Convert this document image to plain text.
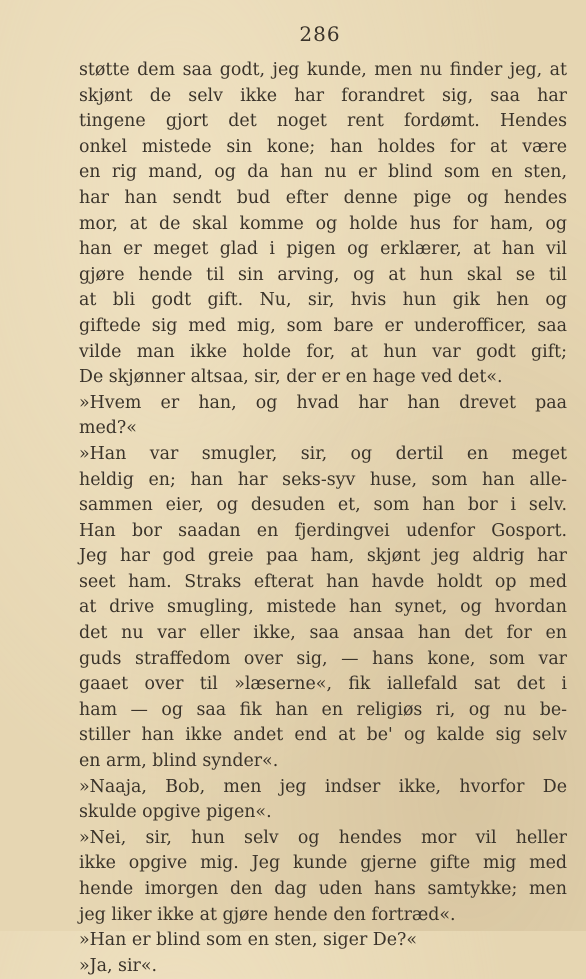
286
støtte dem saa godt, jeg kunde, men nu finder jeg, at
skjønt de selv ikke har forandret sig, saa har
tingene gjort det noget rent fordømt. Hendes
onkel mistede sin kone; han holdes for at være
en rig mand, og da han nu er blind som en sten,
har han sendt bud efter denne pige og hendes
mor, at de skal komme og holde hus for ham, og
han er meget glad i pigen og erklærer, at han vil
gjøre hende til sin arving, og at hun skal se til
at bli godt gift. Nu, sir, hvis hun gik hen og
giftede sig med mig, som bare er underofficer, saa
vilde man ikke holde for, at hun var godt gift;
De skjønner altsaa, sir, der er en hage ved det«.
»Hvem er han, og hvad har han drevet paa
med?«
»Han var smugler, sir, og dertil en meget
heldig en; han har seks-syv huse, som han alle-
sammen eier, og desuden et, som han bor i selv.
Han bor saadan en fjerdingvei udenfor Gosport.
Jeg har god greie paa ham, skjønt jeg aldrig har
seet ham. Straks efterat han havde holdt op med
at drive smugling, mistede han synet, og hvordan
det nu var eller ikke, saa ansaa han det for en
guds straffedom over sig, — hans kone, som var
gaaet over til »læserne«, fik iallefald sat det i
ham — og saa fik han en religiøs ri, og nu be-
stiller han ikke andet end at be' og kalde sig selv
en arm, blind synder«.
»Naaja, Bob, men jeg indser ikke, hvorfor De
skulde opgive pigen«.
»Nei, sir, hun selv og hendes mor vil heller
ikke opgive mig. Jeg kunde gjerne gifte mig med
hende imorgen den dag uden hans samtykke; men
jeg liker ikke at gjøre hende den fortræd«.
»Han er blind som en sten, siger De?«
»Ja, sir«.
